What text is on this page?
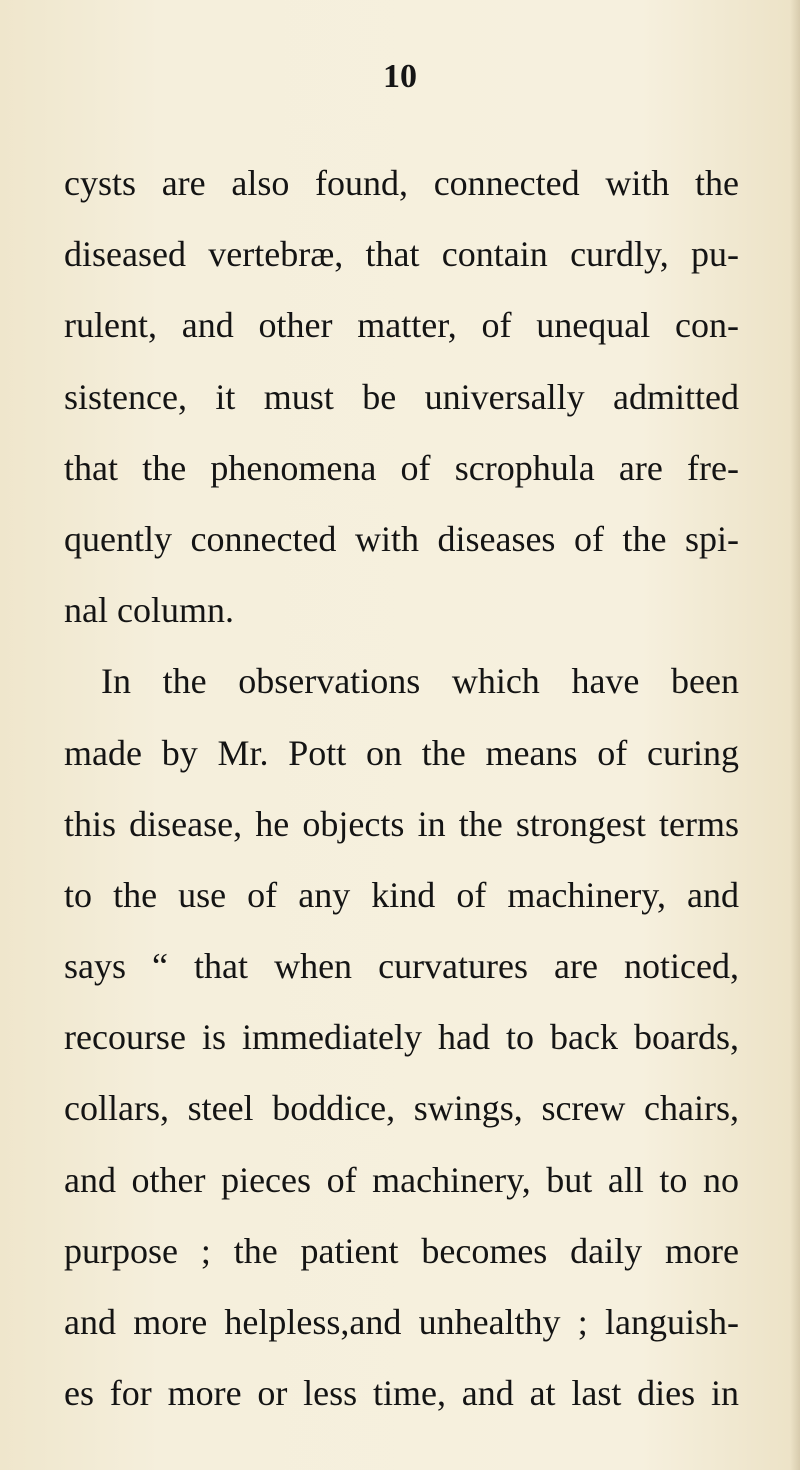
10
cysts are also found, connected with the
diseased vertebræ, that contain curdly, pu-
rulent, and other matter, of unequal con-
sistence, it must be universally admitted
that the phenomena of scrophula are fre-
quently connected with diseases of the spi-
nal column.
In the observations which have been
made by Mr. Pott on the means of curing
this disease, he objects in the strongest terms
to the use of any kind of machinery, and
says “ that when curvatures are noticed,
recourse is immediately had to back boards,
collars, steel boddice, swings, screw chairs,
and other pieces of machinery, but all to no
purpose ; the patient becomes daily more
and more helpless,and unhealthy ; languish-
es for more or less time, and at last dies in
